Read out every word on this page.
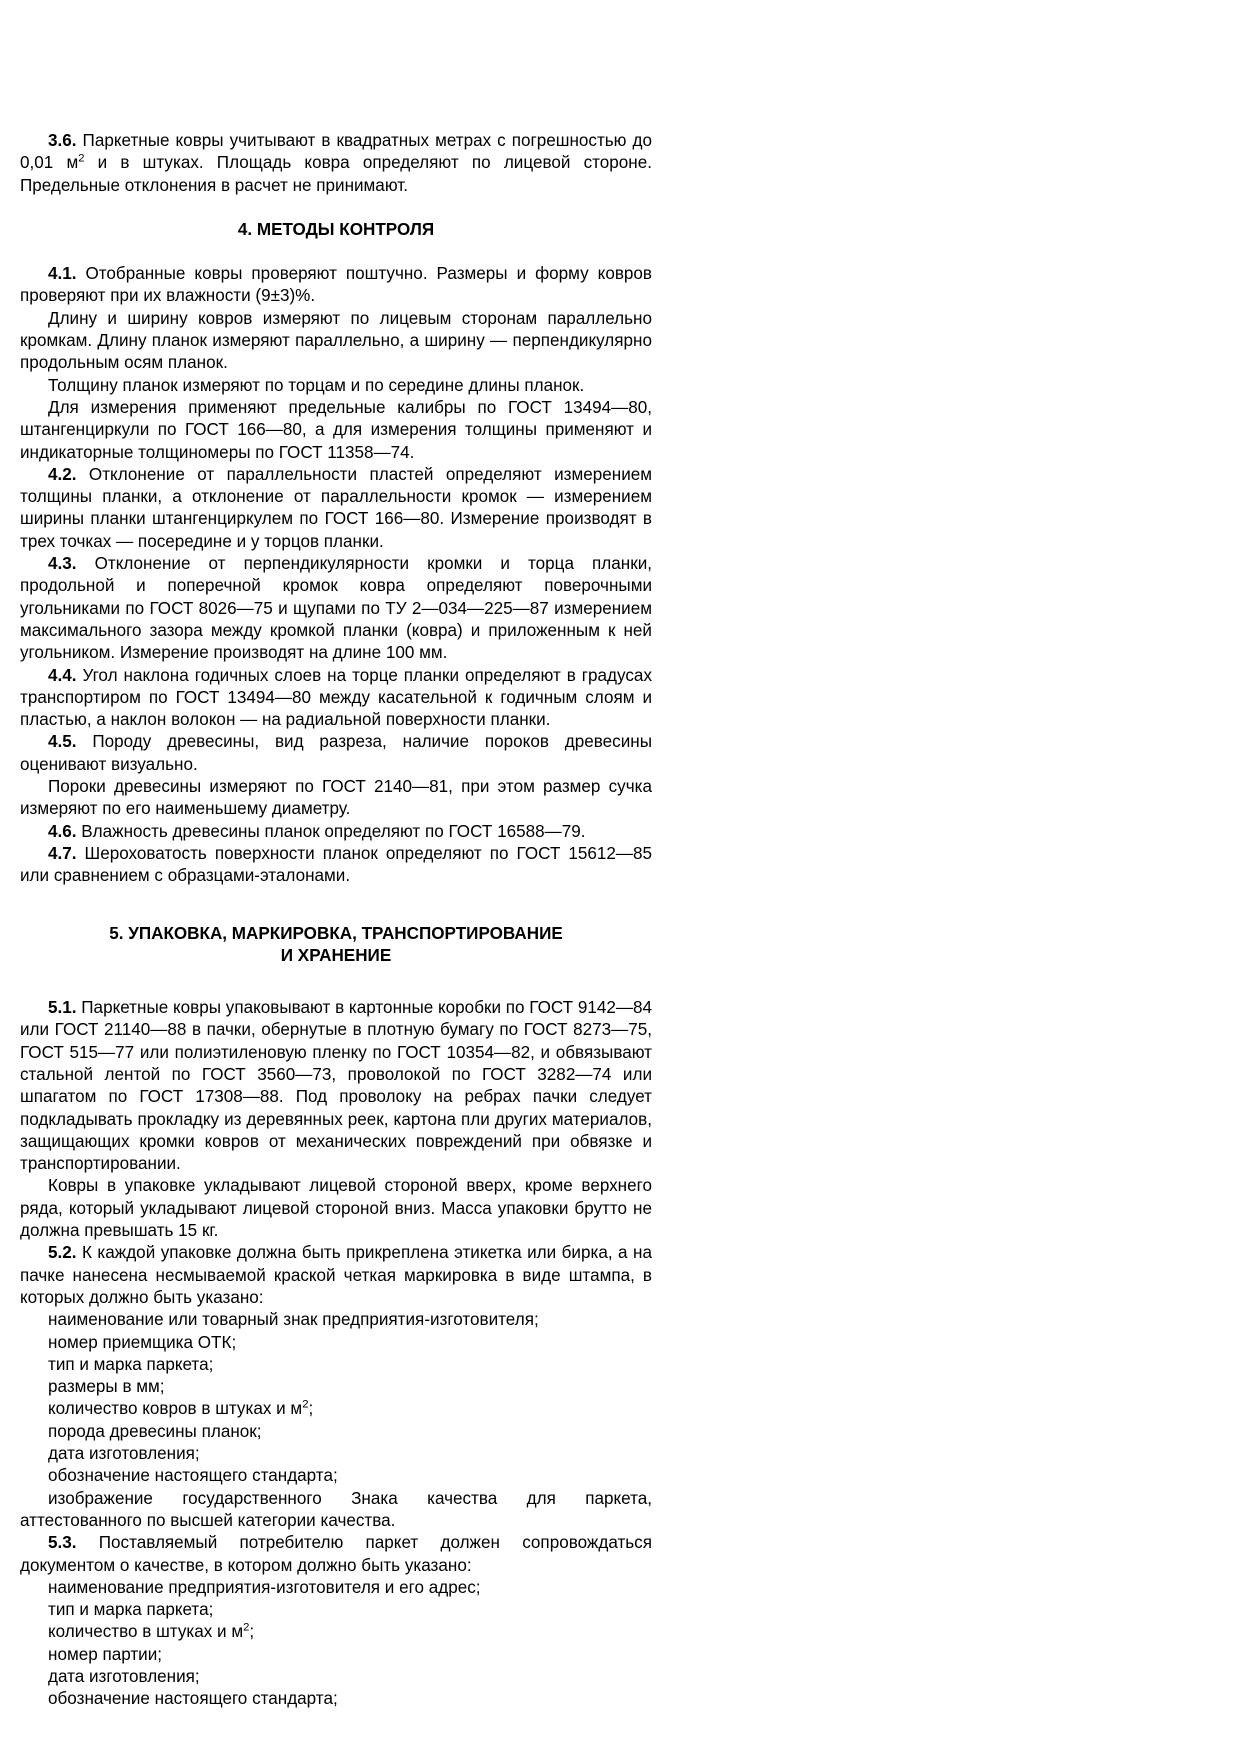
3.6. Паркетные ковры учитывают в квадратных метрах с погрешностью до 0,01 $м^2$ и в штуках. Площадь ковра определяют по лицевой стороне. Предельные отклонения в расчет не принимают.

4. МЕТОДЫ КОНТРОЛЯ

4.1. Отобранные ковры проверяют поштучно. Размеры и форму ковров проверяют при их влажности (9±3)%.

Длину и ширину ковров измеряют по лицевым сторонам параллельно кромкам. Длину планок измеряют параллельно, а ширину — перпендикулярно продольным осям планок.

Толщину планок измеряют по торцам и по середине длины планок.

Для измерения применяют предельные калибры по ГОСТ 13494—80, штангенциркули по ГОСТ 166—80, а для измерения толщины применяют и индикаторные толщиномеры по ГОСТ 11358—74.

4.2. Отклонение от параллельности пластей определяют измерением толщины планки, а отклонение от параллельности кромок — измерением ширины планки штангенциркулем по ГОСТ 166—80. Измерение производят в трех точках — посередине и у торцов планки.

4.3. Отклонение от перпендикулярности кромки и торца планки, продольной и поперечной кромок ковра определяют поверочными угольниками по ГОСТ 8026—75 и щупами по ТУ 2—034—225—87 измерением максимального зазора между кромкой планки (ковра) и приложенным к ней угольником. Измерение производят на длине 100 мм.

4.4. Угол наклона годичных слоев на торце планки определяют в градусах транспортиром по ГОСТ 13494—80 между касательной к годичным слоям и пластью, а наклон волокон — на радиальной поверхности планки.

4.5. Породу древесины, вид разреза, наличие пороков древесины оценивают визуально.

Пороки древесины измеряют по ГОСТ 2140—81, при этом размер сучка измеряют по его наименьшему диаметру.

4.6. Влажность древесины планок определяют по ГОСТ 16588—79.

4.7. Шероховатость поверхности планок определяют по ГОСТ 15612—85 или сравнением с образцами-эталонами.

5. УПАКОВКА, МАРКИРОВКА, ТРАНСПОРТИРОВАНИЕ
И ХРАНЕНИЕ

5.1. Паркетные ковры упаковывают в картонные коробки по ГОСТ 9142—84 или ГОСТ 21140—88 в пачки, обернутые в плотную бумагу по ГОСТ 8273—75, ГОСТ 515—77 или полиэтиленовую пленку по ГОСТ 10354—82, и обвязывают стальной лентой по ГОСТ 3560—73, проволокой по ГОСТ 3282—74 или шпагатом по ГОСТ 17308—88. Под проволоку на ребрах пачки следует подкладывать прокладку из деревянных реек, картона пли других материалов, защищающих кромки ковров от механических повреждений при обвязке и транспортировании.

Ковры в упаковке укладывают лицевой стороной вверх, кроме верхнего ряда, который укладывают лицевой стороной вниз. Масса упаковки брутто не должна превышать 15 кг.

5.2. К каждой упаковке должна быть прикреплена этикетка или бирка, а на пачке нанесена несмываемой краской четкая маркировка в виде штампа, в которых должно быть указано:

наименование или товарный знак предприятия-изготовителя;

номер приемщика ОТК;

тип и марка паркета;

размеры в мм;

количество ковров в штуках и $м^2$;

порода древесины планок;

дата изготовления;

обозначение настоящего стандарта;

изображение государственного Знака качества для паркета, аттестованного по высшей категории качества.

5.3. Поставляемый потребителю паркет должен сопровождаться документом о качестве, в котором должно быть указано:

наименование предприятия-изготовителя и его адрес;

тип и марка паркета;

количество в штуках и $м^2$;

номер партии;

дата изготовления;

обозначение настоящего стандарта;
